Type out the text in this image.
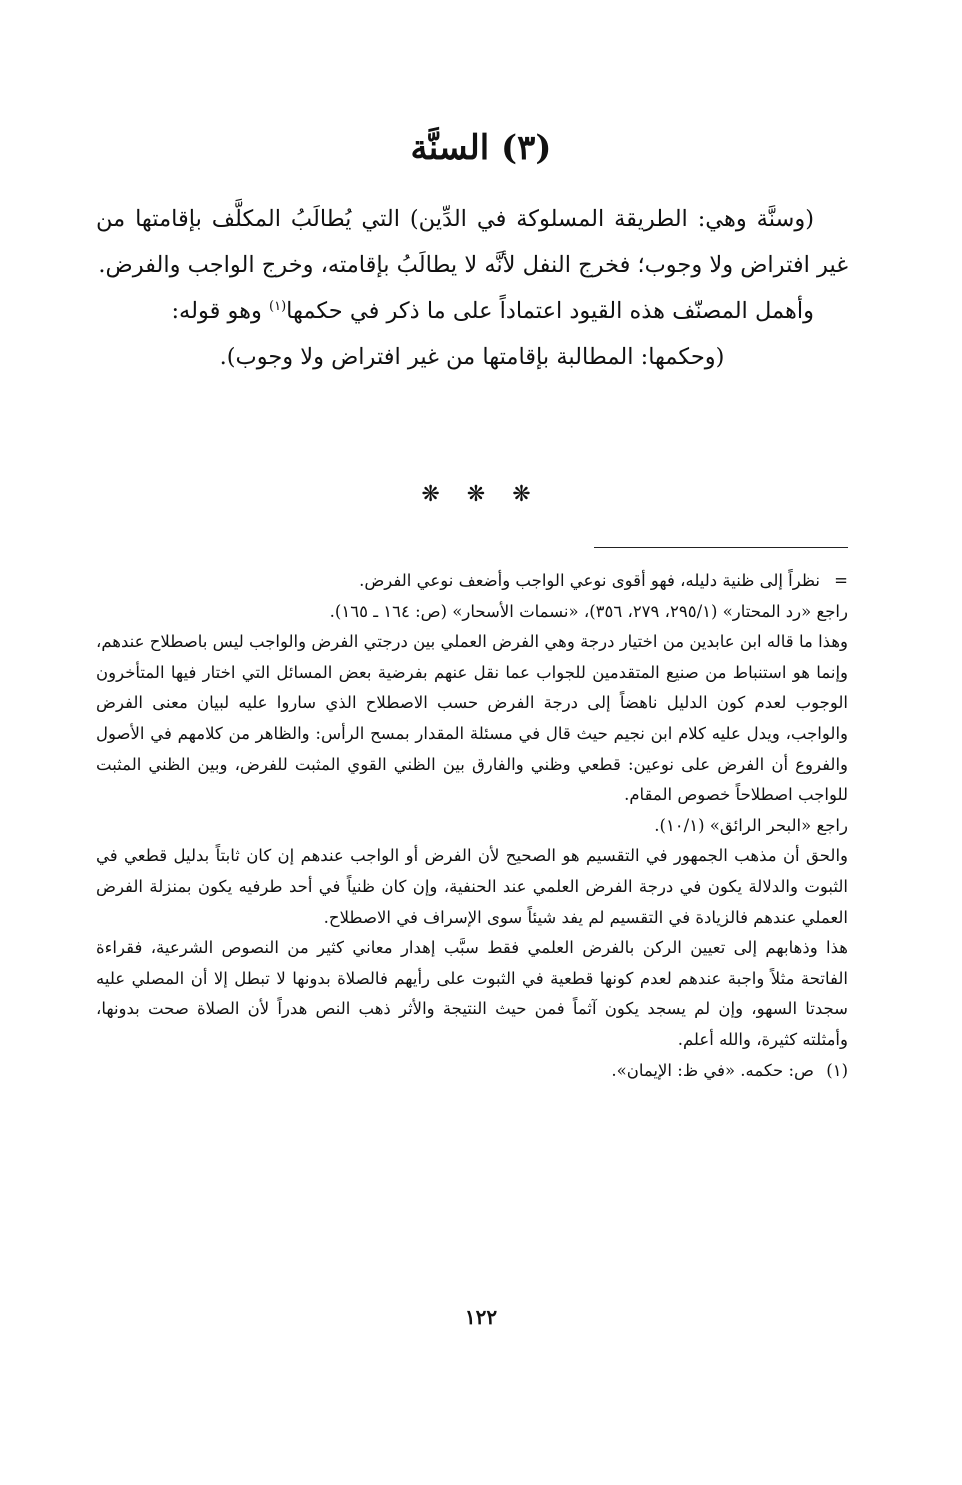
(٣) السنَّة

(وسنَّة وهي: الطريقة المسلوكة في الدِّين) التي يُطالَبُ المكلَّف بإقامتها من غير افتراض ولا وجوب؛ فخرج النفل لأنَّه لا يطالَبُ بإقامته، وخرج الواجب والفرض.

وأهمل المصنّف هذه القيود اعتماداً على ما ذكر في حكمها$^{(١)}$ وهو قوله:

(وحكمها: المطالبة بإقامتها من غير افتراض ولا وجوب).

❋ ❋ ❋

=نظراً إلى ظنية دليله، فهو أقوى نوعي الواجب وأضعف نوعي الفرض.

راجع «رد المحتار» (٢٩٥/١، ٢٧٩، ٣٥٦)، «نسمات الأسحار» (ص: ١٦٤ ـ ١٦٥).

وهذا ما قاله ابن عابدين من اختيار درجة وهي الفرض العملي بين درجتي الفرض والواجب ليس باصطلاح عندهم، وإنما هو استنباط من صنيع المتقدمين للجواب عما نقل عنهم بفرضية بعض المسائل التي اختار فيها المتأخرون الوجوب لعدم كون الدليل ناهضاً إلى درجة الفرض حسب الاصطلاح الذي ساروا عليه لبيان معنى الفرض والواجب، ويدل عليه كلام ابن نجيم حيث قال في مسئلة المقدار بمسح الرأس: والظاهر من كلامهم في الأصول والفروع أن الفرض على نوعين: قطعي وظني والفارق بين الظني القوي المثبت للفرض، وبين الظني المثبت للواجب اصطلاحاً خصوص المقام.

راجع «البحر الرائق» (١٠/١).

والحق أن مذهب الجمهور في التقسيم هو الصحيح لأن الفرض أو الواجب عندهم إن كان ثابتاً بدليل قطعي في الثبوت والدلالة يكون في درجة الفرض العلمي عند الحنفية، وإن كان ظنياً في أحد طرفيه يكون بمنزلة الفرض العملي عندهم فالزيادة في التقسيم لم يفد شيئاً سوى الإسراف في الاصطلاح.

هذا وذهابهم إلى تعيين الركن بالفرض العلمي فقط سبَّب إهدار معاني كثير من النصوص الشرعية، فقراءة الفاتحة مثلاً واجبة عندهم لعدم كونها قطعية في الثبوت على رأيهم فالصلاة بدونها لا تبطل إلا أن المصلي عليه سجدتا السهو، وإن لم يسجد يكون آثماً فمن حيث النتيجة والأثر ذهب النص هدراً لأن الصلاة صحت بدونها، وأمثلته كثيرة، والله أعلم.

(١)ص: حكمه. «في ظ: الإيمان».

١٢٢
